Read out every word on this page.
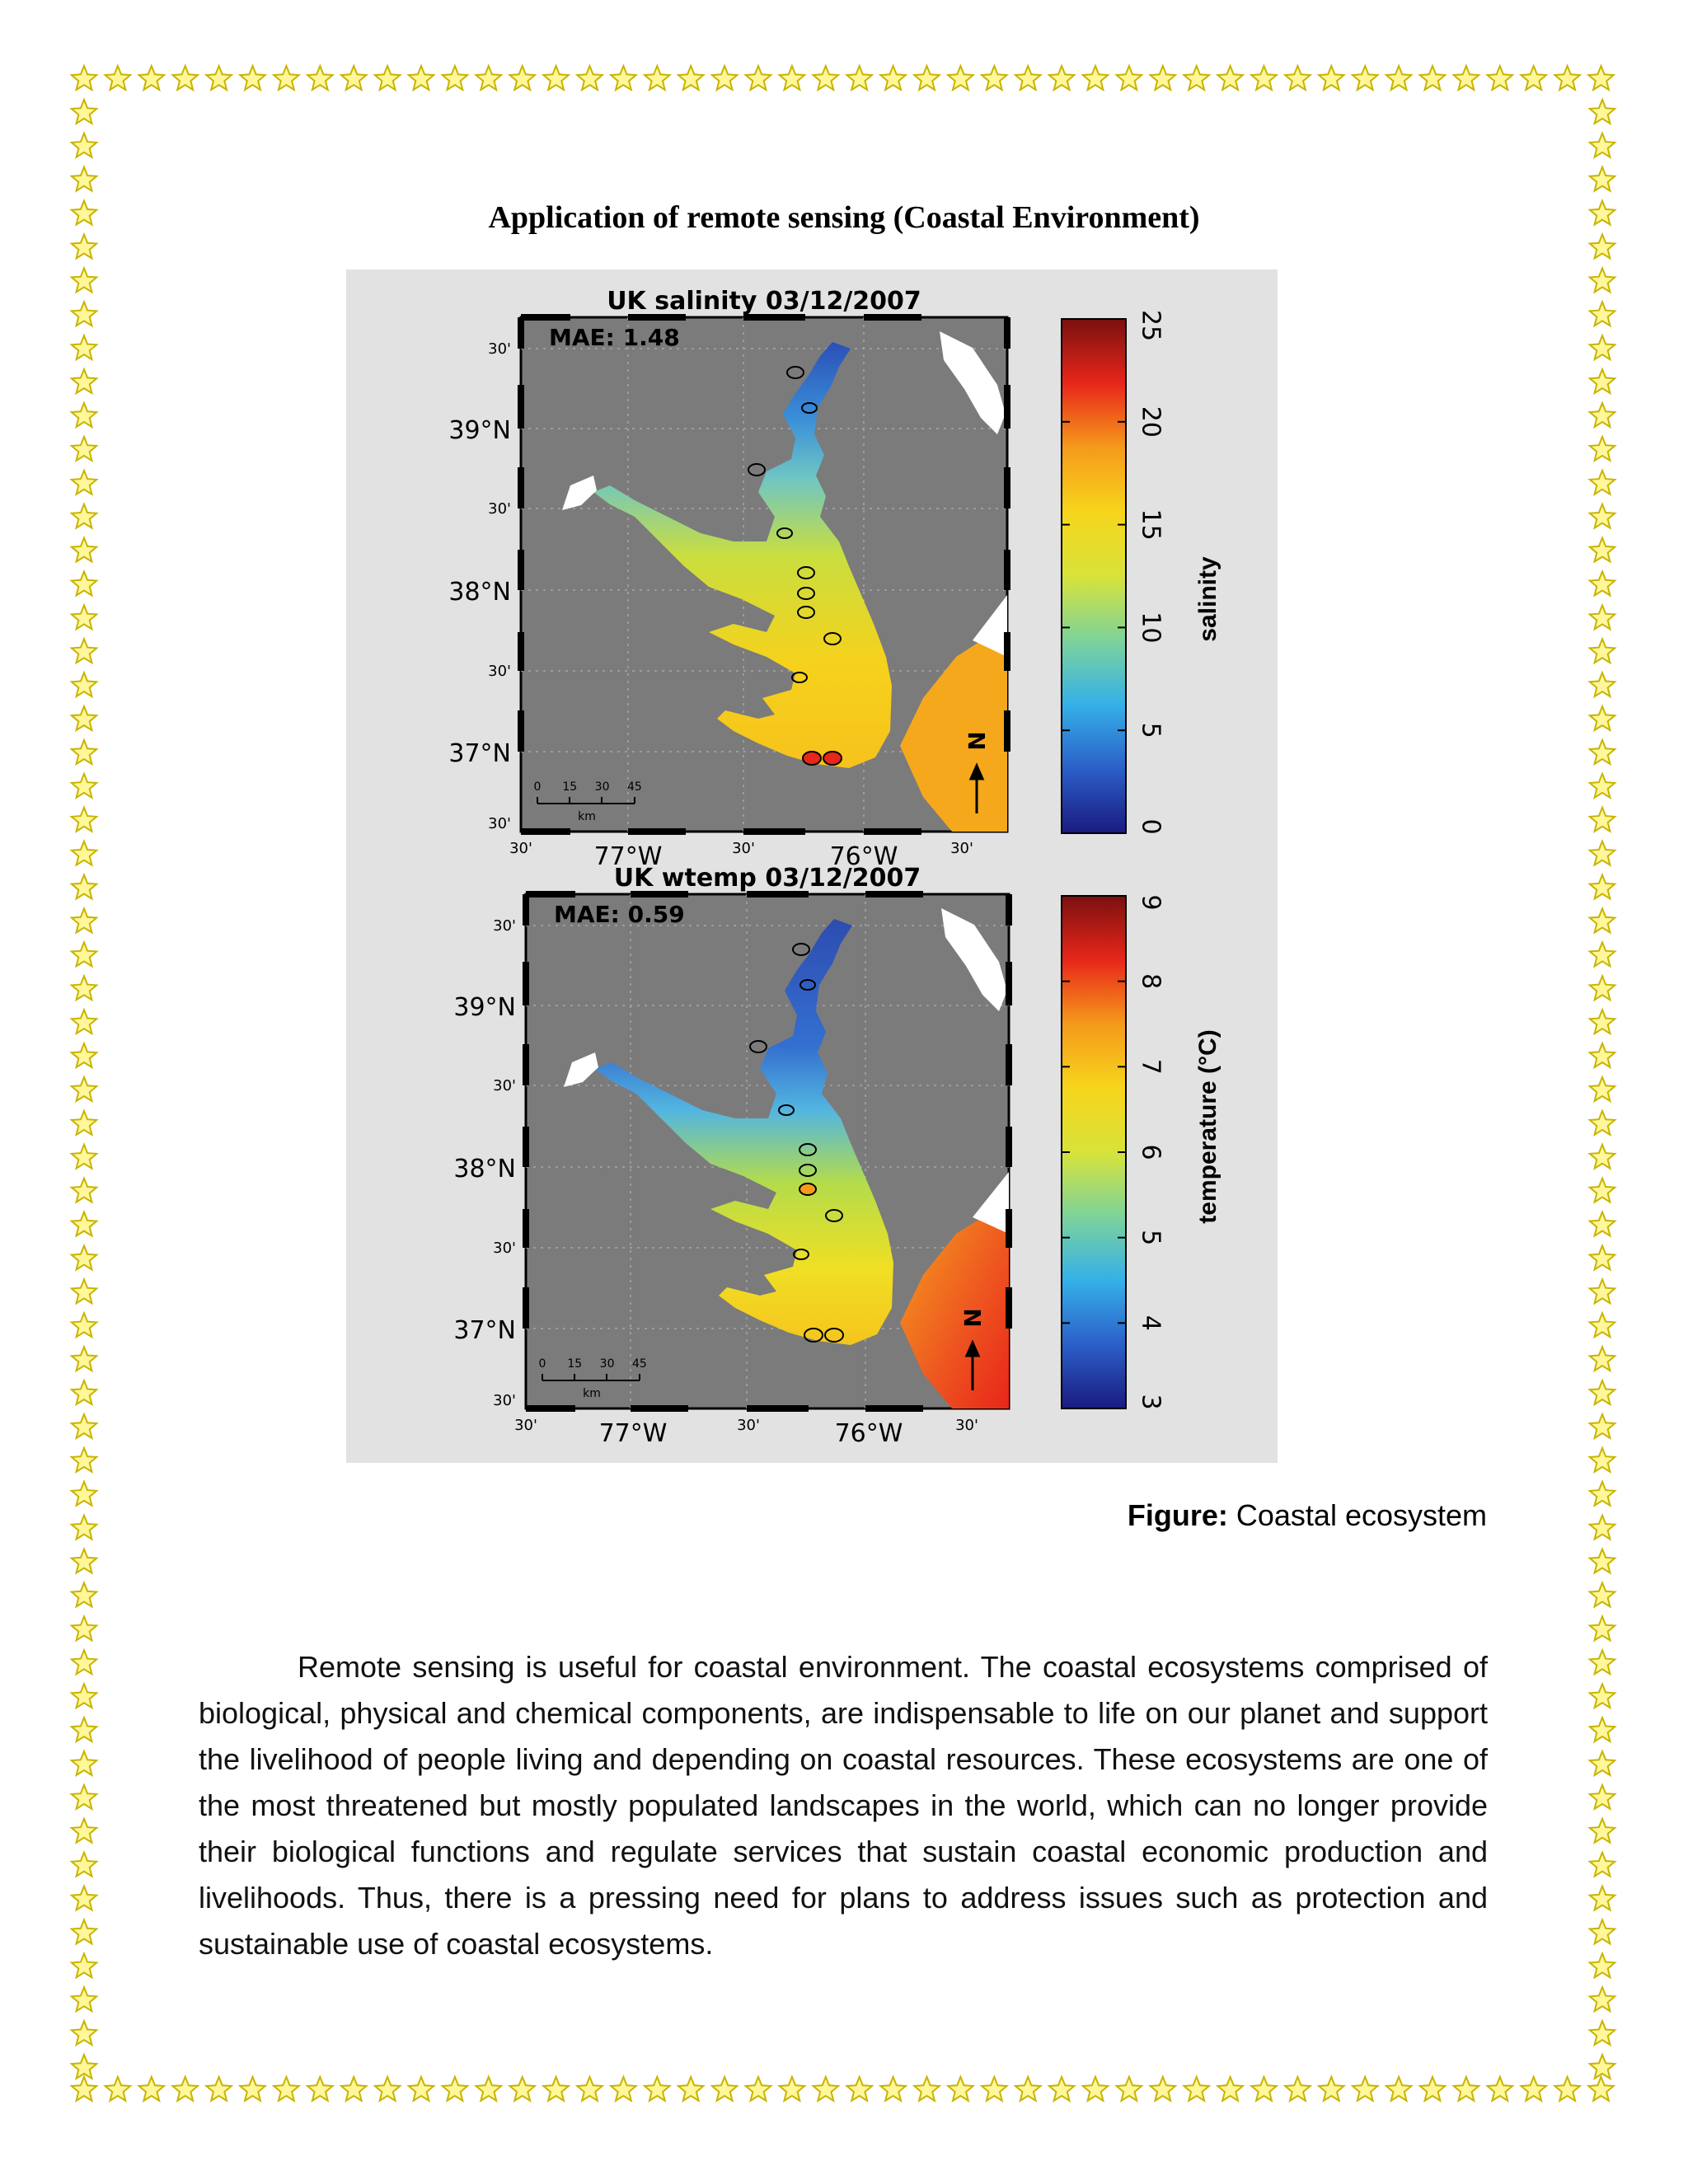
Application of remote sensing (Coastal Environment)
UK salinity 03/12/2007
MAE: 1.48
30'
39°N
30'
38°N
30'
37°N
30'
30' 77°W	30'	76°W	30'
0 15 30 45
km
N
0
5
10
15
20
25
salinity
UK wtemp 03/12/2007
MAE: 0.59
30'
39°N
30'
38°N
30'
37°N
30'
30' 77°W	30'	76°W	30'
0 15 30 45
km
N
3
4
5
6
7
8
9
temperature (°C)
Figure: Coastal ecosystem

Remote sensing is useful for coastal environment. The coastal ecosystems comprised of biological, physical and chemical components, are indispensable to life on our planet and support the livelihood of people living and depending on coastal resources. These ecosystems are one of the most threatened but mostly populated landscapes in the world, which can no longer provide their biological functions and regulate services that sustain coastal economic production and livelihoods. Thus, there is a pressing need for plans to address issues such as protection and sustainable use of coastal ecosystems.
